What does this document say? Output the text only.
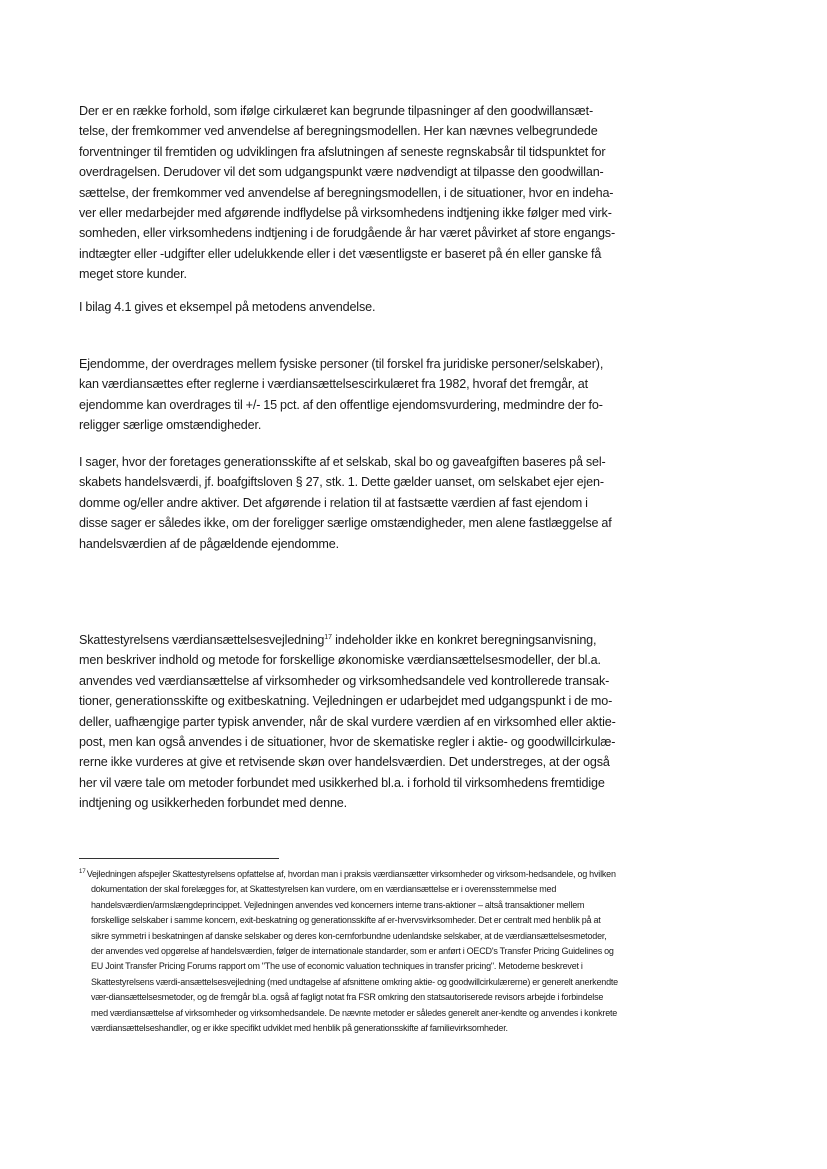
Der er en række forhold, som ifølge cirkulæret kan begrunde tilpasninger af den goodwillansæt-telse, der fremkommer ved anvendelse af beregningsmodellen. Her kan nævnes velbegrundede forventninger til fremtiden og udviklingen fra afslutningen af seneste regnskabsår til tidspunktet for overdragelsen. Derudover vil det som udgangspunkt være nødvendigt at tilpasse den goodwillan-sættelse, der fremkommer ved anvendelse af beregningsmodellen, i de situationer, hvor en indeha-ver eller medarbejder med afgørende indflydelse på virksomhedens indtjening ikke følger med virk-somheden, eller virksomhedens indtjening i de forudgående år har været påvirket af store engangs-indtægter eller -udgifter eller udelukkende eller i det væsentligste er baseret på én eller ganske få meget store kunder.

I bilag 4.1 gives et eksempel på metodens anvendelse.

Ejendomme, der overdrages mellem fysiske personer (til forskel fra juridiske personer/selskaber), kan værdiansættes efter reglerne i værdiansættelsescirkulæret fra 1982, hvoraf det fremgår, at ejendomme kan overdrages til +/- 15 pct. af den offentlige ejendomsvurdering, medmindre der fo-religger særlige omstændigheder.

I sager, hvor der foretages generationsskifte af et selskab, skal bo og gaveafgiften baseres på sel-skabets handelsværdi, jf. boafgiftsloven § 27, stk. 1. Dette gælder uanset, om selskabet ejer ejen-domme og/eller andre aktiver. Det afgørende i relation til at fastsætte værdien af fast ejendom i disse sager er således ikke, om der foreligger særlige omstændigheder, men alene fastlæggelse af handelsværdien af de pågældende ejendomme.

Skattestyrelsens værdiansættelsesvejledning$^{17}$ indeholder ikke en konkret beregningsanvisning, men beskriver indhold og metode for forskellige økonomiske værdiansættelsesmodeller, der bl.a. anvendes ved værdiansættelse af virksomheder og virksomhedsandele ved kontrollerede transak-tioner, generationsskifte og exitbeskatning. Vejledningen er udarbejdet med udgangspunkt i de mo-deller, uafhængige parter typisk anvender, når de skal vurdere værdien af en virksomhed eller aktie-post, men kan også anvendes i de situationer, hvor de skematiske regler i aktie- og goodwillcirkulæ-rerne ikke vurderes at give et retvisende skøn over handelsværdien. Det understreges, at der også her vil være tale om metoder forbundet med usikkerhed bl.a. i forhold til virksomhedens fremtidige indtjening og usikkerheden forbundet med denne.

$^{17}$Vejledningen afspejler Skattestyrelsens opfattelse af, hvordan man i praksis værdiansætter virksomheder og virksom-hedsandele, og hvilken dokumentation der skal forelægges for, at Skattestyrelsen kan vurdere, om en værdiansættelse er i overensstemmelse med handelsværdien/armslængdeprincippet. Vejledningen anvendes ved koncerners interne trans-aktioner – altså transaktioner mellem forskellige selskaber i samme koncern, exit-beskatning og generationsskifte af er-hvervsvirksomheder. Det er centralt med henblik på at sikre symmetri i beskatningen af danske selskaber og deres kon-cernforbundne udenlandske selskaber, at de værdiansættelsesmetoder, der anvendes ved opgørelse af handelsværdien, følger de internationale standarder, som er anført i OECD's Transfer Pricing Guidelines og EU Joint Transfer Pricing Forums rapport om "The use of economic valuation techniques in transfer pricing". Metoderne beskrevet i Skattestyrelsens værdi-ansættelsesvejledning (med undtagelse af afsnittene omkring aktie- og goodwillcirkulærerne) er generelt anerkendte vær-diansættelsesmetoder, og de fremgår bl.a. også af fagligt notat fra FSR omkring den statsautoriserede revisors arbejde i forbindelse med værdiansættelse af virksomheder og virksomhedsandele. De nævnte metoder er således generelt aner-kendte og anvendes i konkrete værdiansættelseshandler, og er ikke specifikt udviklet med henblik på generationsskifte af familievirksomheder.
